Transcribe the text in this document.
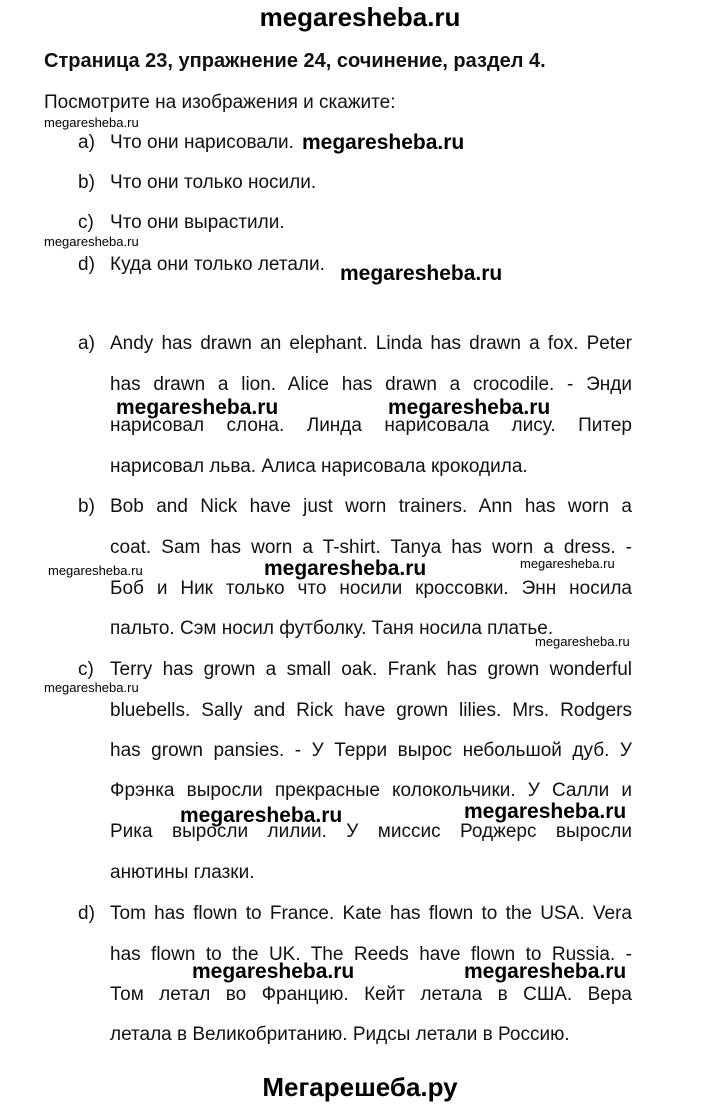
megaresheba.ru
Страница 23, упражнение 24, сочинение, раздел 4.
Посмотрите на изображения и скажите:
a) Что они нарисовали.
b) Что они только носили.
c) Что они вырастили.
d) Куда они только летали.
a) Andy has drawn an elephant. Linda has drawn a fox. Peter
has drawn a lion. Alice has drawn a crocodile. - Энди
нарисовал слона. Линда нарисовала лису. Питер
нарисовал льва. Алиса нарисовала крокодила.
b) Bob and Nick have just worn trainers. Ann has worn a
coat. Sam has worn a T-shirt. Tanya has worn a dress. -
Боб и Ник только что носили кроссовки. Энн носила
пальто. Сэм носил футболку. Таня носила платье.
c) Terry has grown a small oak. Frank has grown wonderful
bluebells. Sally and Rick have grown lilies. Mrs. Rodgers
has grown pansies. - У Терри вырос небольшой дуб. У
Фрэнка выросли прекрасные колокольчики. У Салли и
Рика выросли лилии. У миссис Роджерс выросли
анютины глазки.
d) Tom has flown to France. Kate has flown to the USA. Vera
has flown to the UK. The Reeds have flown to Russia. -
Том летал во Францию. Кейт летала в США. Вера
летала в Великобританию. Ридсы летали в Россию.
megaresheba.ru
megaresheba.ru
megaresheba.ru
megaresheba.ru
megaresheba.ru	megaresheba.ru
megaresheba.ru	megaresheba.ru	megaresheba.ru
megaresheba.ru
megaresheba.ru
megaresheba.ru	megaresheba.ru
megaresheba.ru	megaresheba.ru
Мегарешеба.ру
